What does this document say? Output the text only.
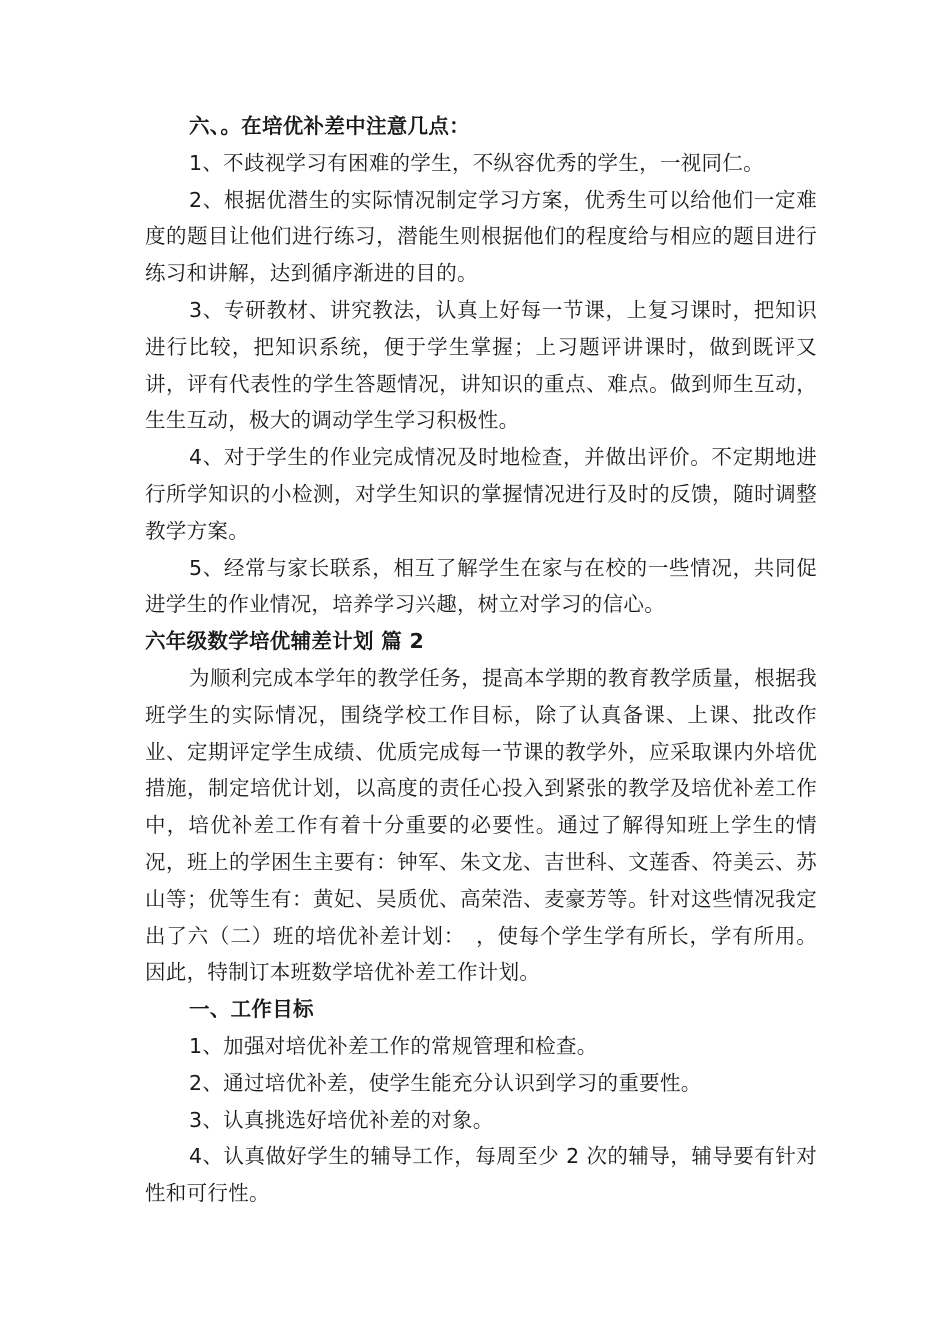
六、。在培优补差中注意几点：

1、不歧视学习有困难的学生，不纵容优秀的学生，一视同仁。

2、根据优潜生的实际情况制定学习方案，优秀生可以给他们一定难度的题目让他们进行练习，潜能生则根据他们的程度给与相应的题目进行练习和讲解，达到循序渐进的目的。

3、专研教材、讲究教法，认真上好每一节课，上复习课时，把知识进行比较，把知识系统，便于学生掌握；上习题评讲课时，做到既评又讲，评有代表性的学生答题情况，讲知识的重点、难点。做到师生互动，生生互动，极大的调动学生学习积极性。

4、对于学生的作业完成情况及时地检查，并做出评价。不定期地进行所学知识的小检测，对学生知识的掌握情况进行及时的反馈，随时调整教学方案。

5、经常与家长联系，相互了解学生在家与在校的一些情况，共同促进学生的作业情况，培养学习兴趣，树立对学习的信心。

六年级数学培优辅差计划 篇 2

为顺利完成本学年的教学任务，提高本学期的教育教学质量，根据我班学生的实际情况，围绕学校工作目标，除了认真备课、上课、批改作业、定期评定学生成绩、优质完成每一节课的教学外，应采取课内外培优措施，制定培优计划，以高度的责任心投入到紧张的教学及培优补差工作中，培优补差工作有着十分重要的必要性。通过了解得知班上学生的情况，班上的学困生主要有：钟军、朱文龙、吉世科、文莲香、符美云、苏山等；优等生有：黄妃、吴质优、高荣浩、麦豪芳等。针对这些情况我定出了六（二）班的培优补差计划：　，使每个学生学有所长，学有所用。因此，特制订本班数学培优补差工作计划。

一、工作目标

1、加强对培优补差工作的常规管理和检查。

2、通过培优补差，使学生能充分认识到学习的重要性。

3、认真挑选好培优补差的对象。

4、认真做好学生的辅导工作，每周至少 2 次的辅导，辅导要有针对性和可行性。
